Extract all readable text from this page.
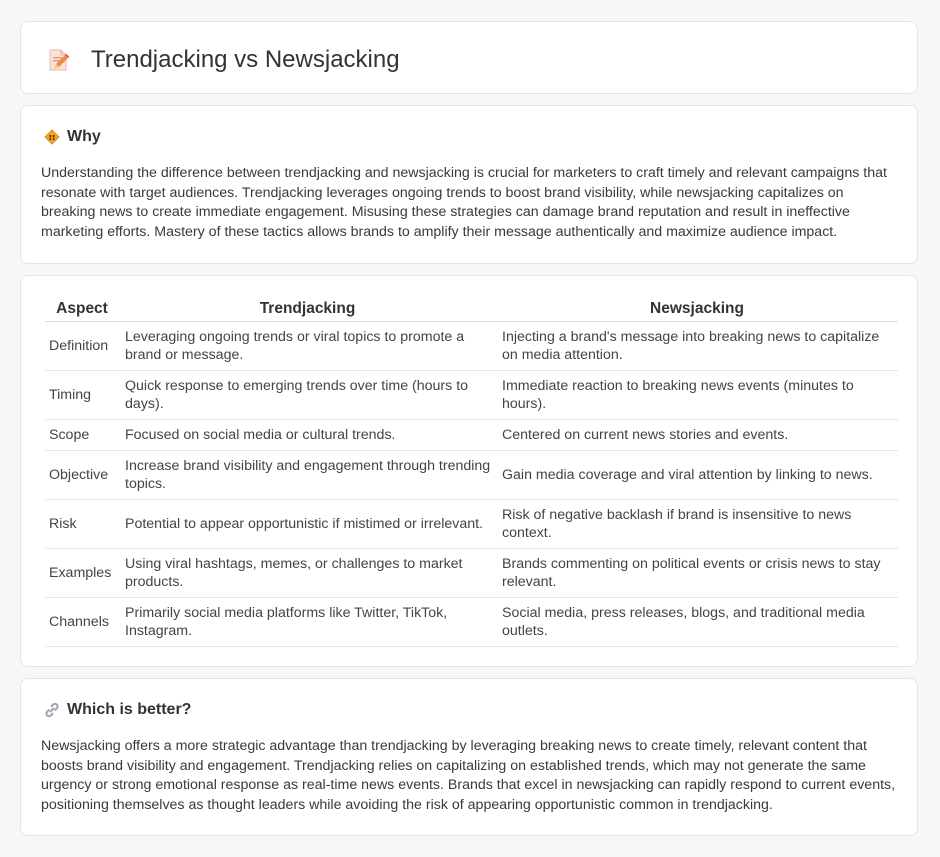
Trendjacking vs Newsjacking
Why

Understanding the difference between trendjacking and newsjacking is crucial for marketers to craft timely and relevant campaigns that resonate with target audiences. Trendjacking leverages ongoing trends to boost brand visibility, while newsjacking capitalizes on breaking news to create immediate engagement. Misusing these strategies can damage brand reputation and result in ineffective marketing efforts. Mastery of these tactics allows brands to amplify their message authentically and maximize audience impact.

Aspect	Trendjacking	Newsjacking
Definition	Leveraging ongoing trends or viral topics to promote a brand or message.	Injecting a brand's message into breaking news to capitalize on media attention.
Timing	Quick response to emerging trends over time (hours to days).	Immediate reaction to breaking news events (minutes to hours).
Scope	Focused on social media or cultural trends.	Centered on current news stories and events.
Objective	Increase brand visibility and engagement through trending topics.	Gain media coverage and viral attention by linking to news.
Risk	Potential to appear opportunistic if mistimed or irrelevant.	Risk of negative backlash if brand is insensitive to news context.
Examples	Using viral hashtags, memes, or challenges to market products.	Brands commenting on political events or crisis news to stay relevant.
Channels	Primarily social media platforms like Twitter, TikTok, Instagram.	Social media, press releases, blogs, and traditional media outlets.
Which is better?

Newsjacking offers a more strategic advantage than trendjacking by leveraging breaking news to create timely, relevant content that boosts brand visibility and engagement. Trendjacking relies on capitalizing on established trends, which may not generate the same urgency or strong emotional response as real-time news events. Brands that excel in newsjacking can rapidly respond to current events, positioning themselves as thought leaders while avoiding the risk of appearing opportunistic common in trendjacking.
